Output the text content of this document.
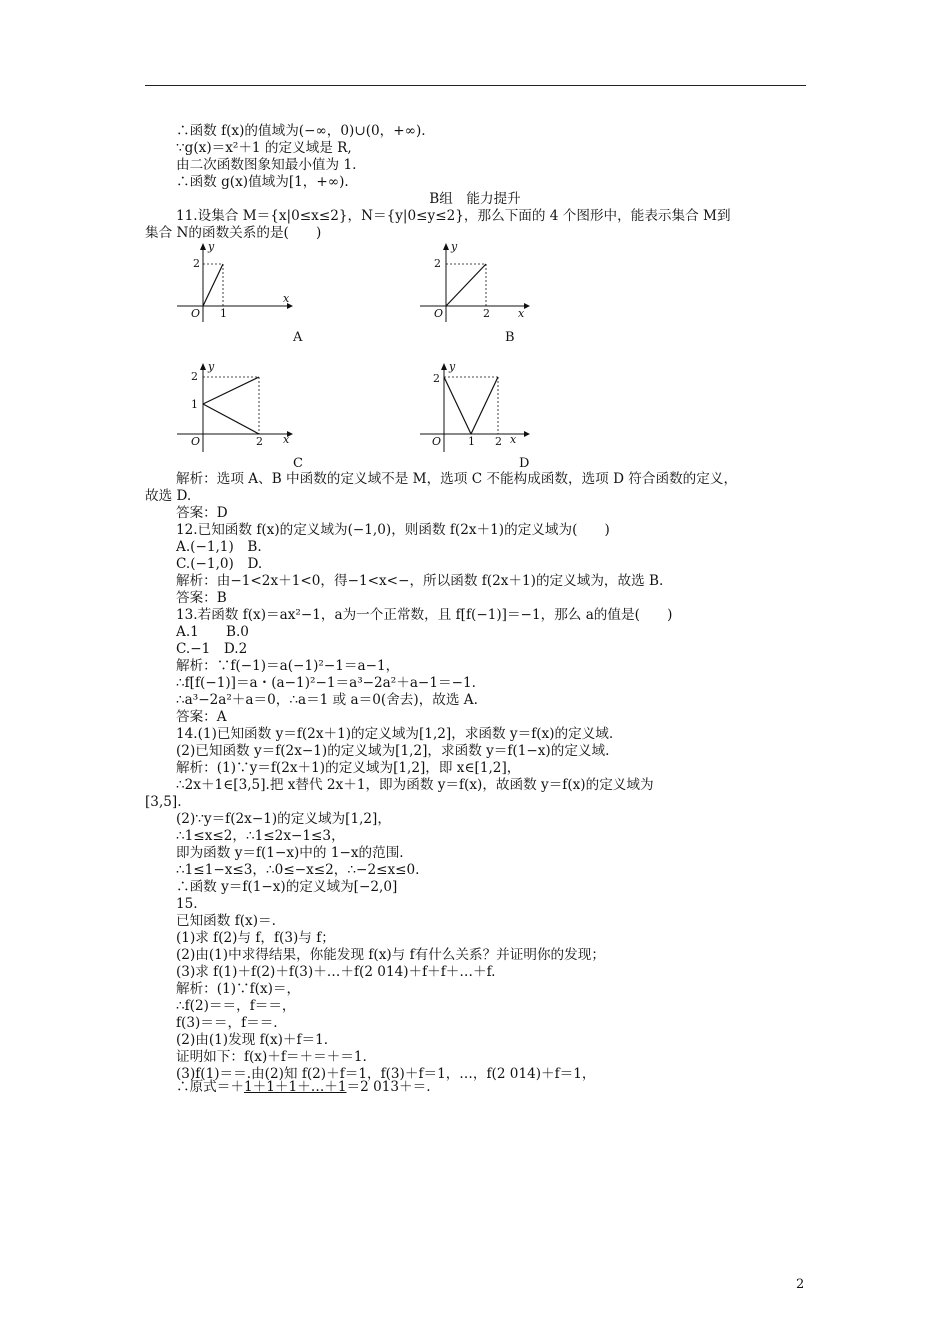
∴函数 f(x)的值域为(−∞，0)∪(0，+∞).
∵g(x)＝x²＋1 的定义域是 R,
由二次函数图象知最小值为 1.
∴函数 g(x)值域为[1，+∞).
B组　能力提升
11.设集合 M＝{x|0≤x≤2}，N＝{y|0≤y≤2}，那么下面的 4 个图形中，能表示集合 M到
集合 N的函数关系的是(　　)
y
2
O 1
x
A
y
2
O	2	x
B
y
2
1
O	2 x
C
y
2
O 1 2 x
D
解析：选项 A、B 中函数的定义域不是 M，选项 C 不能构成函数，选项 D 符合函数的定义，
故选 D.
答案：D
12.已知函数 f(x)的定义域为(−1,0)，则函数 f(2x＋1)的定义域为(　　)
A.(−1,1)　B.
C.(−1,0)　D.
解析：由−1<2x＋1<0，得−1<x<−，所以函数 f(2x＋1)的定义域为，故选 B.
答案：B
13.若函数 f(x)＝ax²−1，a为一个正常数，且 f[f(−1)]＝−1，那么 a的值是(　　)
A.1　　B.0
C.−1　D.2
解析：∵f(−1)＝a(−1)²−1＝a−1，
∴f[f(−1)]＝a・(a−1)²−1＝a³−2a²＋a−1＝−1.
∴a³−2a²＋a＝0，∴a＝1 或 a＝0(舍去)，故选 A.
答案：A
14.(1)已知函数 y＝f(2x＋1)的定义域为[1,2]，求函数 y＝f(x)的定义域.
(2)已知函数 y＝f(2x−1)的定义域为[1,2]，求函数 y＝f(1−x)的定义域.
解析：(1)∵y＝f(2x＋1)的定义域为[1,2]，即 x∈[1,2]，
∴2x＋1∈[3,5].把 x替代 2x＋1，即为函数 y＝f(x)，故函数 y＝f(x)的定义域为
[3,5].
(2)∵y＝f(2x−1)的定义域为[1,2]，
∴1≤x≤2，∴1≤2x−1≤3，
即为函数 y＝f(1−x)中的 1−x的范围.
∴1≤1−x≤3，∴0≤−x≤2，∴−2≤x≤0.
∴函数 y＝f(1−x)的定义域为[−2,0]
15.
已知函数 f(x)＝.
(1)求 f(2)与 f，f(3)与 f；
(2)由(1)中求得结果，你能发现 f(x)与 f有什么关系？并证明你的发现；
(3)求 f(1)＋f(2)＋f(3)＋…＋f(2 014)＋f＋f＋…＋f.
解析：(1)∵f(x)＝，
∴f(2)＝＝，f＝＝，
f(3)＝＝，f＝＝.
(2)由(1)发现 f(x)＋f＝1.
证明如下：f(x)＋f＝＋＝＋＝1.
(3)f(1)＝＝.由(2)知 f(2)＋f＝1，f(3)＋f＝1，…，f(2 014)＋f＝1，
∴原式＝＋1＋1＋1＋…＋1＝2 013＋＝.
2
